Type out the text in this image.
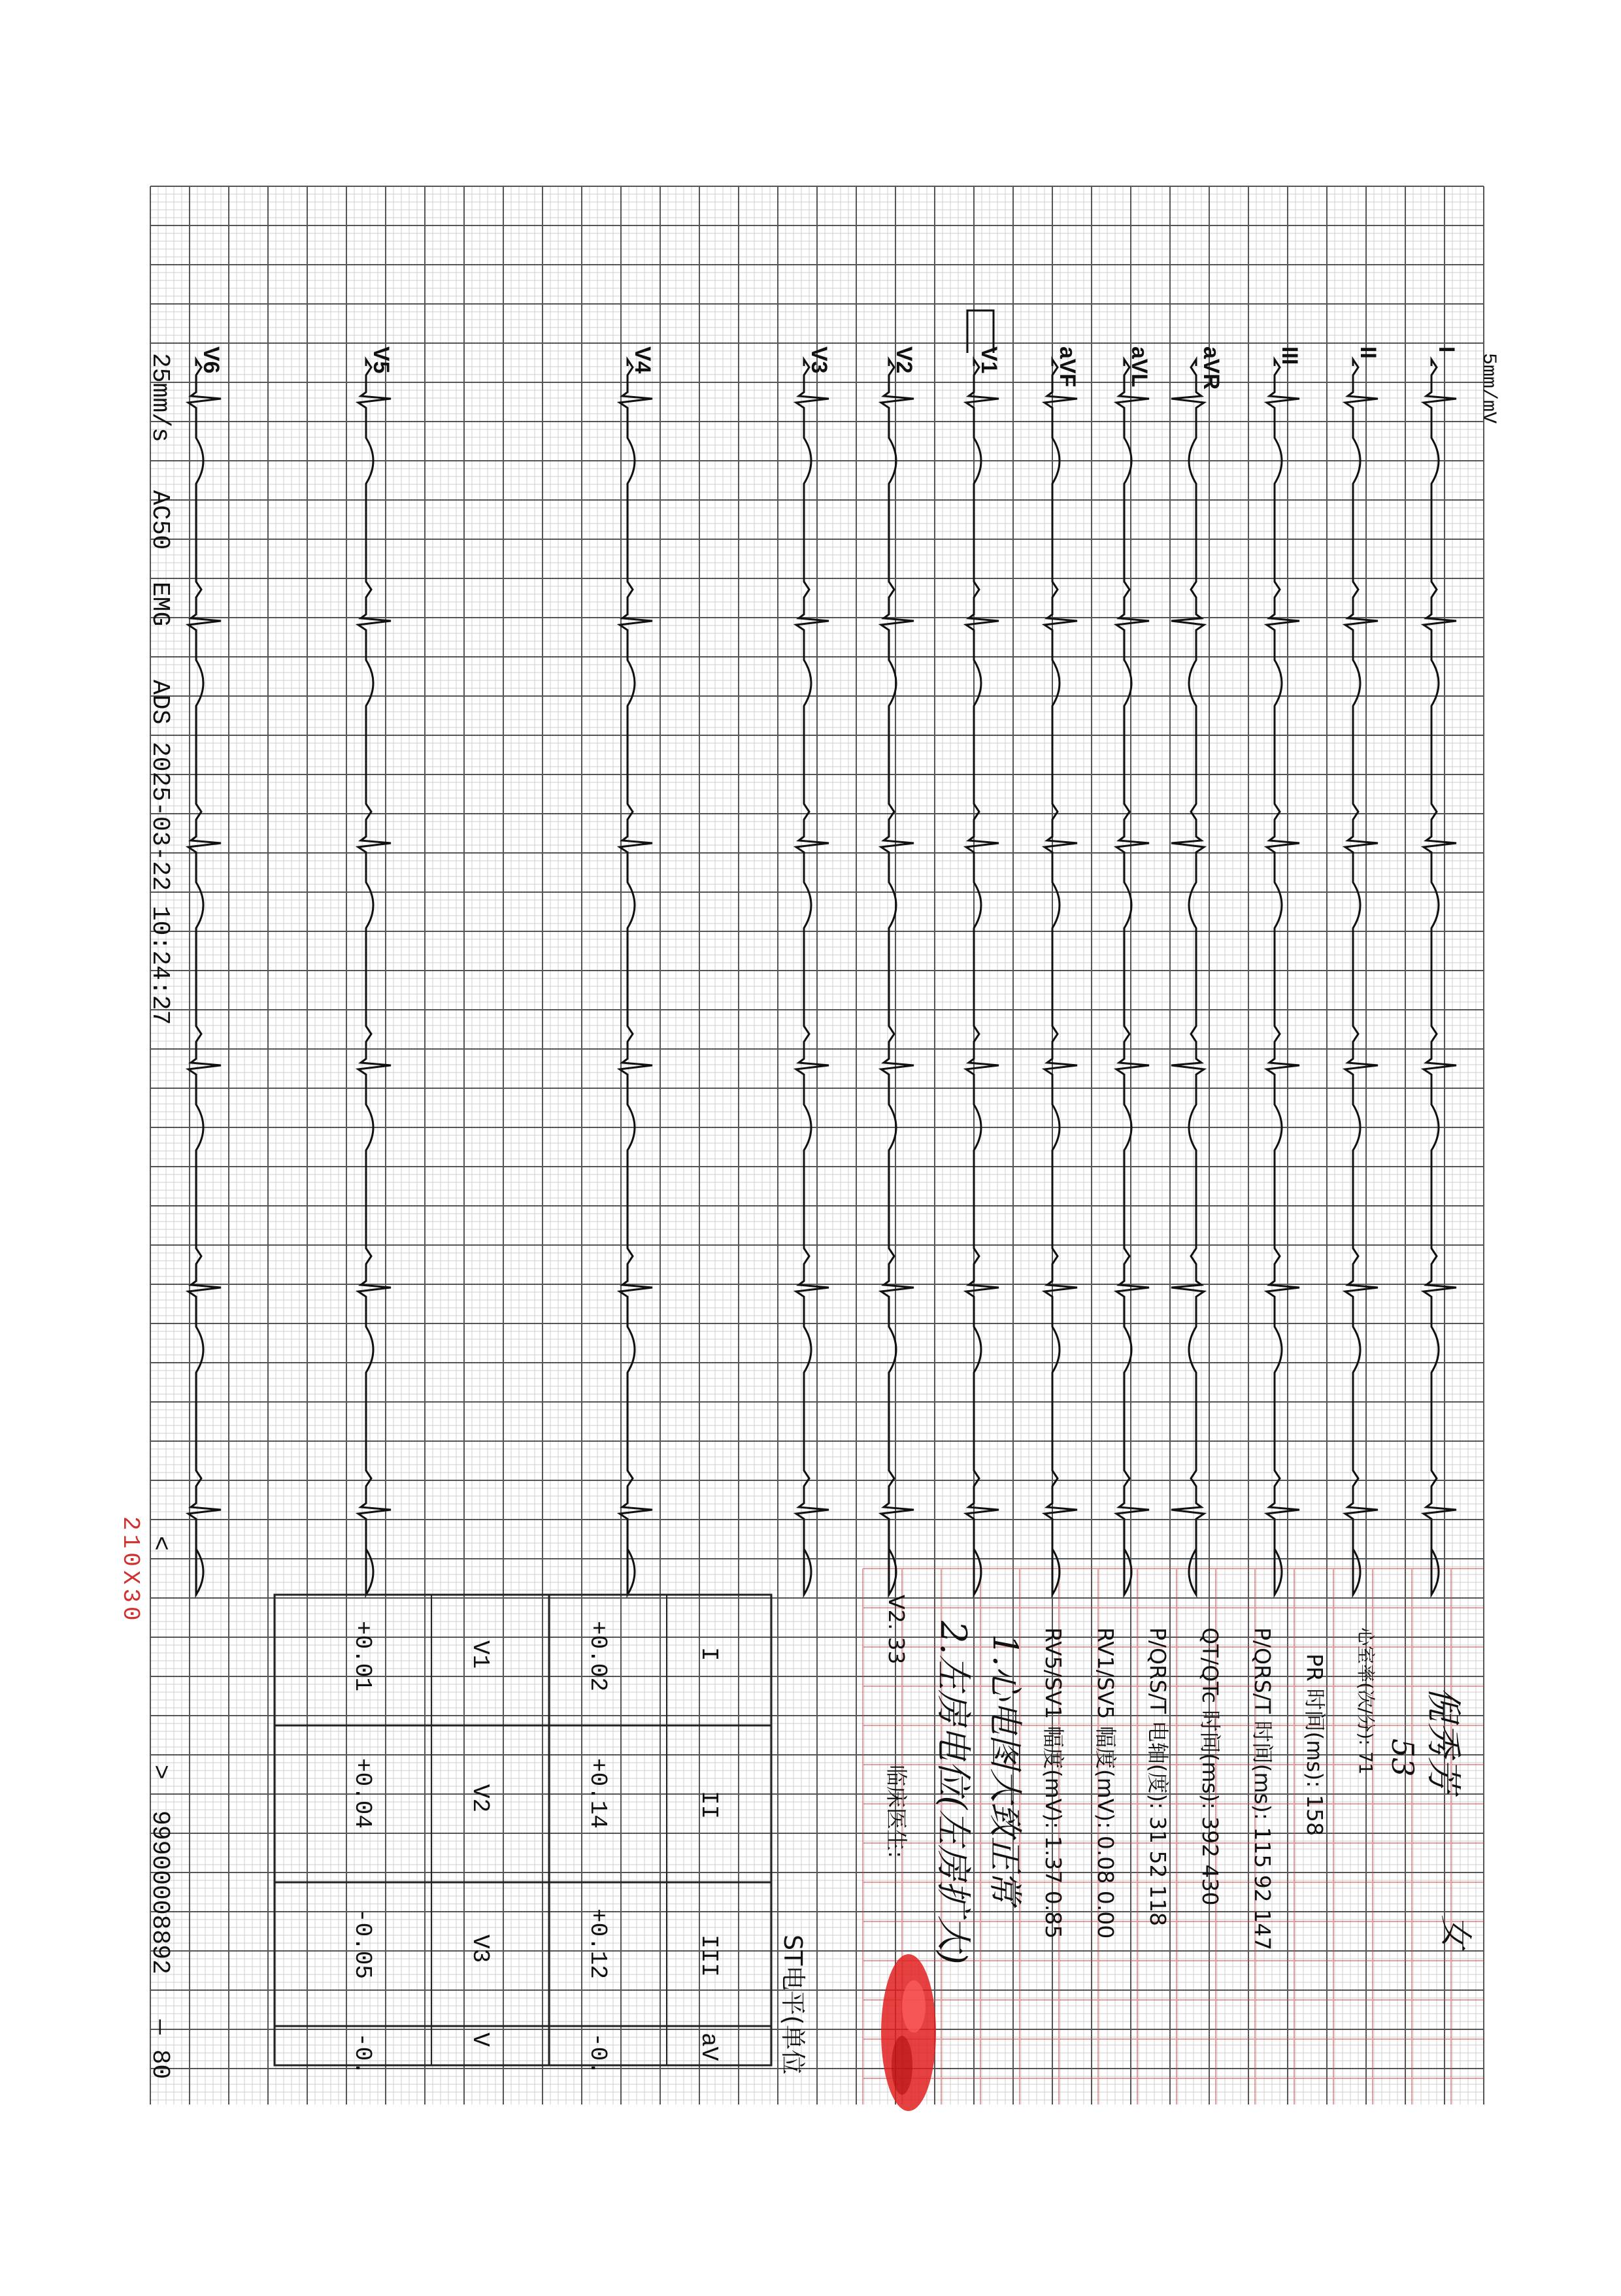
I
II
III
aVR
aVL
aVF
V1
V2
V3
V4
V5
V6	5mm/mV
25mm/s
AC50
EMG
ADS
2025-03-22 10:24:27
倪秀芳
53
女
心室率(次/分): 71
PR 时间(ms): 158
P/QRS/T 时间(ms): 115 92 147
QT/QTc 时间(ms): 392 430
P/QRS/T 电轴(度): 31 52 118
RV1/SV5 幅度(mV): 0.08 0.00
RV5/SV1 幅度(mV): 1.37 0.85
1.心电图大致正常
2.左房电位(左房扩大)
V2. 33
临床医生:
ST电平(单位
I
II
III
aV
+0.02
+0.14
+0.12
-0.
V1
V2
V3
V
+0.01
+0.04
-0.05
-0.
<
>
99900008892
— 80
210X30
